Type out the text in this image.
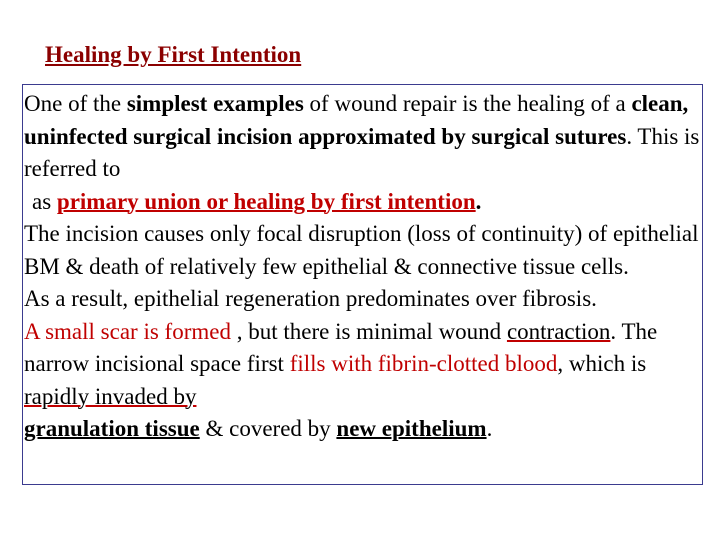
Healing by First Intention

One of the simplest examples of wound repair is the healing of a clean, uninfected surgical incision approximated by surgical sutures. This is referred to
as primary union or healing by first intention.

The incision causes only focal disruption (loss of continuity) of epithelial BM & death of relatively few epithelial & connective tissue cells.

As a result, epithelial regeneration predominates over fibrosis.

A small scar is formed , but there is minimal wound contraction. The narrow incisional space first fills with fibrin-clotted blood, which is rapidly invaded by
granulation tissue & covered by new epithelium.
